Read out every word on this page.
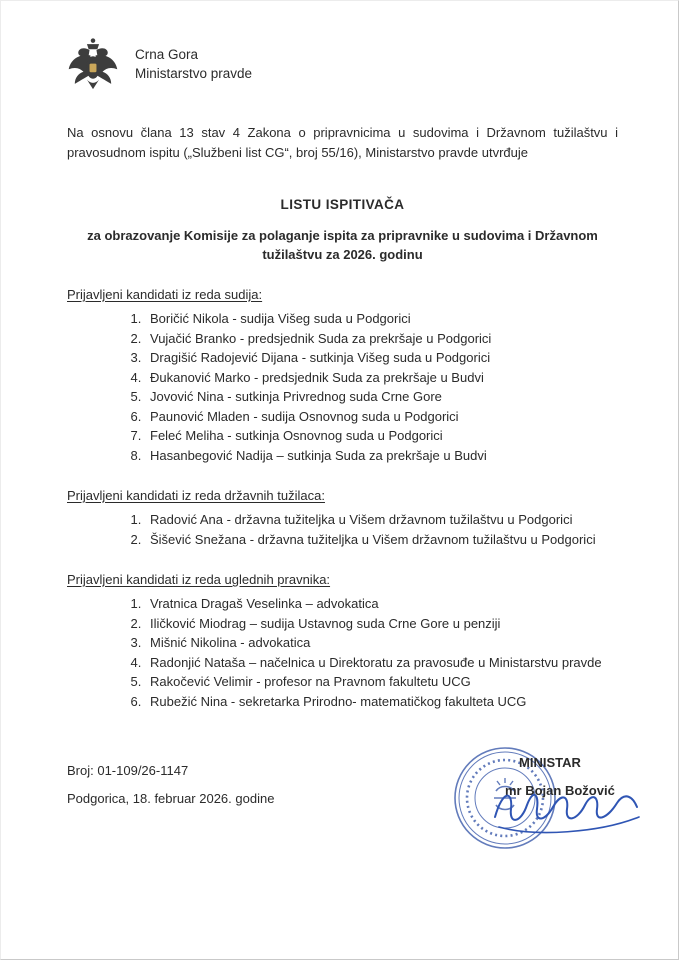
Crna Gora
Ministarstvo pravde

Na osnovu člana 13 stav 4 Zakona o pripravnicima u sudovima i Državnom tužilaštvu i pravosudnom ispitu („Službeni list CG“, broj 55/16), Ministarstvo pravde utvrđuje

LISTU ISPITIVAČA

za obrazovanje Komisije za polaganje ispita za pripravnike u sudovima i Državnom tužilaštvu za 2026. godinu

Prijavljeni kandidati iz reda sudija:
1. Boričić Nikola - sudija Višeg suda u Podgorici
2. Vujačić Branko - predsjednik Suda za prekršaje u Podgorici
3. Dragišić Radojević Dijana - sutkinja Višeg suda u Podgorici
4. Đukanović Marko - predsjednik Suda za prekršaje u Budvi
5. Jovović Nina - sutkinja Privrednog suda Crne Gore
6. Paunović Mladen - sudija Osnovnog suda u Podgorici
7. Feleć Meliha - sutkinja Osnovnog suda u Podgorici
8. Hasanbegović Nadija – sutkinja Suda za prekršaje u Budvi
Prijavljeni kandidati iz reda državnih tužilaca:
1. Radović Ana - državna tužiteljka u Višem državnom tužilaštvu u Podgorici
2. Šišević Snežana - državna tužiteljka u Višem državnom tužilaštvu u Podgorici
Prijavljeni kandidati iz reda uglednih pravnika:
1. Vratnica Dragaš Veselinka – advokatica
2. Iličković Miodrag – sudija Ustavnog suda Crne Gore u penziji
3. Mišnić Nikolina - advokatica
4. Radonjić Nataša – načelnica u Direktoratu za pravosuđe u Ministarstvu pravde
5. Rakočević Velimir - profesor na Pravnom fakultetu UCG
6. Rubežić Nina - sekretarka Prirodno- matematičkog fakulteta UCG

Broj: 01-109/26-1147

Podgorica, 18. februar 2026. godine

MINISTAR

mr Bojan Božović
